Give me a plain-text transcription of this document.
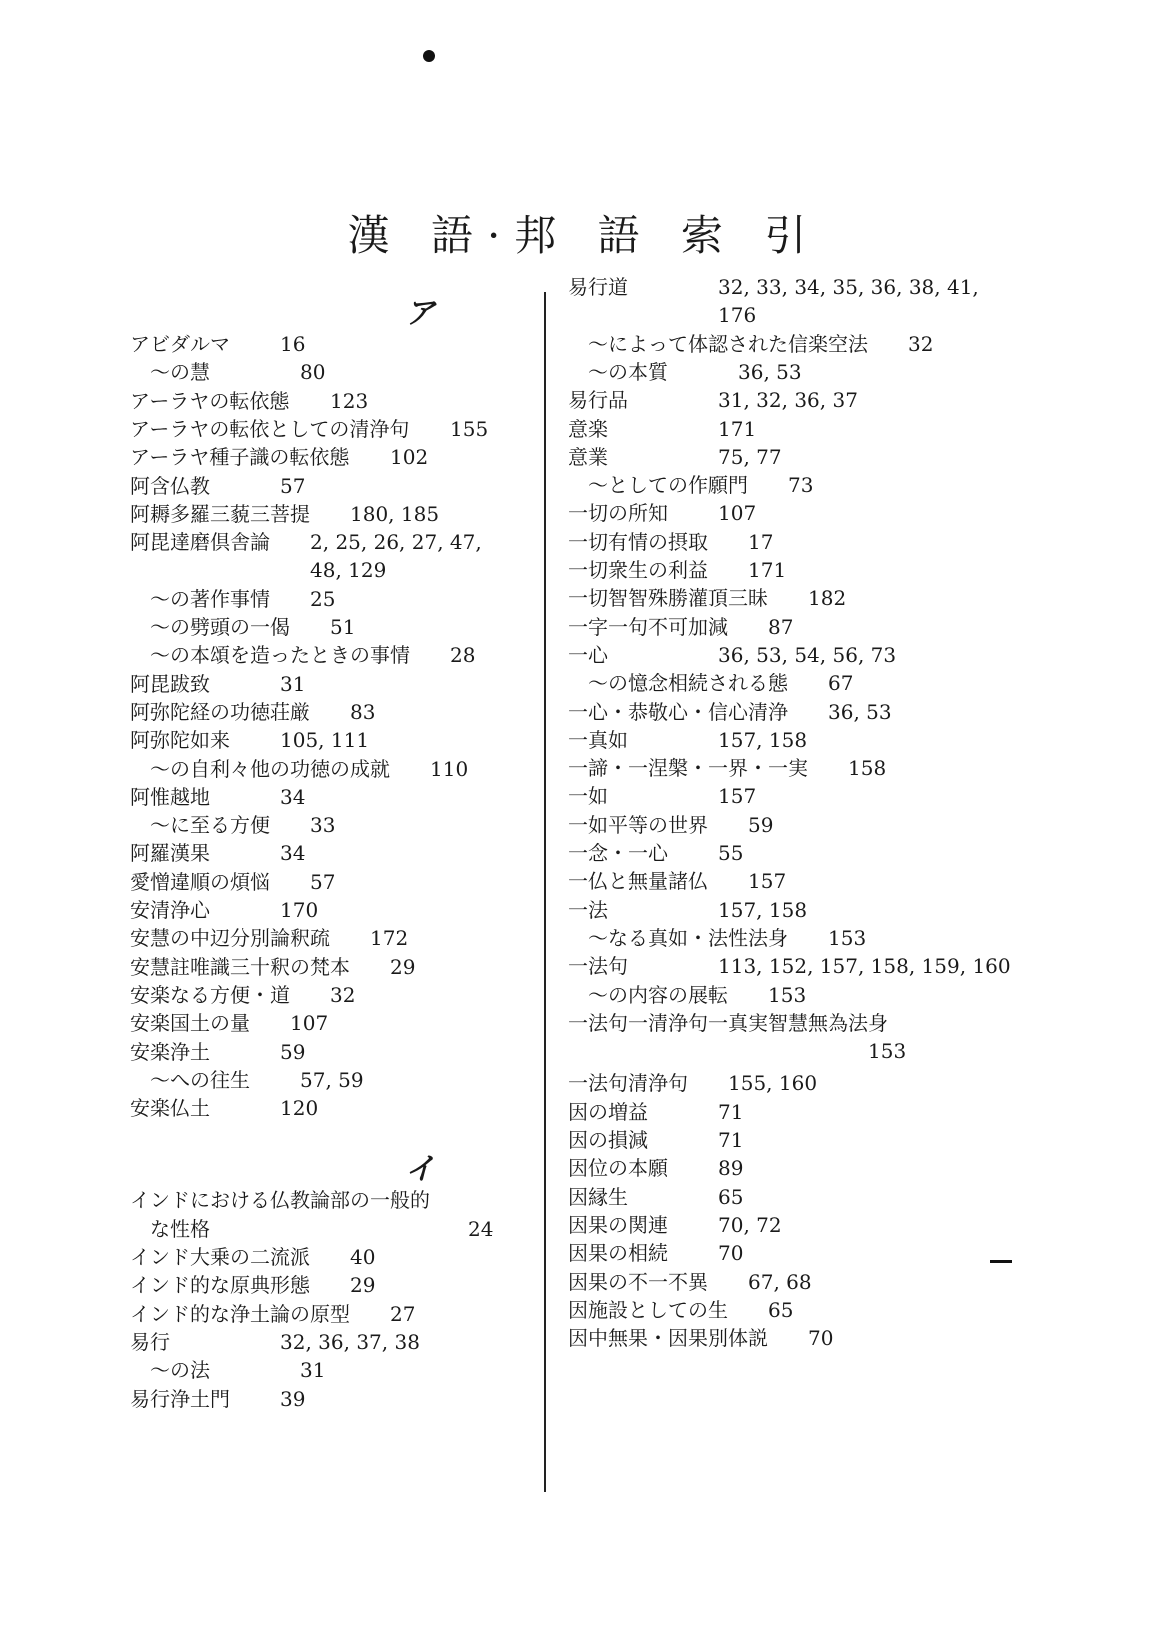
漢 語·邦 語 索 引
ア
アビダルマ	16
～の慧	80
アーラヤの転依態 123
アーラヤの転依としての清浄句 155
アーラヤ種子識の転依態 102
阿含仏教	57
阿耨多羅三藐三菩提 180, 185
阿毘達磨倶舎論 2, 25, 26, 27, 47,
48, 129
～の著作事情 25
～の劈頭の一偈 51
～の本頌を造ったときの事情 28
阿毘跋致	31
阿弥陀経の功徳荘厳 83
阿弥陀如来	105, 111
～の自利々他の功徳の成就 110
阿惟越地	34
～に至る方便 33
阿羅漢果	34
愛憎違順の煩悩 57
安清浄心	170
安慧の中辺分別論釈疏 172
安慧註唯識三十釈の梵本 29
安楽なる方便・道 32
安楽国土の量 107
安楽浄土	59
～への往生	57, 59
安楽仏土	120
イ
インドにおける仏教論部の一般的
な性格	24
インド大乗の二流派 40
インド的な原典形態 29
インド的な浄土論の原型 27
易行	32, 36, 37, 38
～の法	31
易行浄土門	39
易行道	32, 33, 34, 35, 36, 38, 41,
176
～によって体認された信楽空法 32
～の本質	36, 53
易行品	31, 32, 36, 37
意楽	171
意業	75, 77
～としての作願門 73
一切の所知	107
一切有情の摂取 17
一切衆生の利益 171
一切智智殊勝灌頂三昧 182
一字一句不可加減 87
一心	36, 53, 54, 56, 73
～の憶念相続される態 67
一心・恭敬心・信心清浄 36, 53
一真如	157, 158
一諦・一涅槃・一界・一実 158
一如	157
一如平等の世界 59
一念・一心	55
一仏と無量諸仏 157
一法	157, 158
～なる真如・法性法身 153
一法句	113, 152, 157, 158, 159, 160
～の内容の展転 153
一法句一清浄句一真実智慧無為法身
153
一法句清浄句 155, 160
因の増益	71
因の損減	71
因位の本願	89
因縁生	65
因果の関連	70, 72
因果の相続	70
因果の不一不異 67, 68
因施設としての生 65
因中無果・因果別体説 70
